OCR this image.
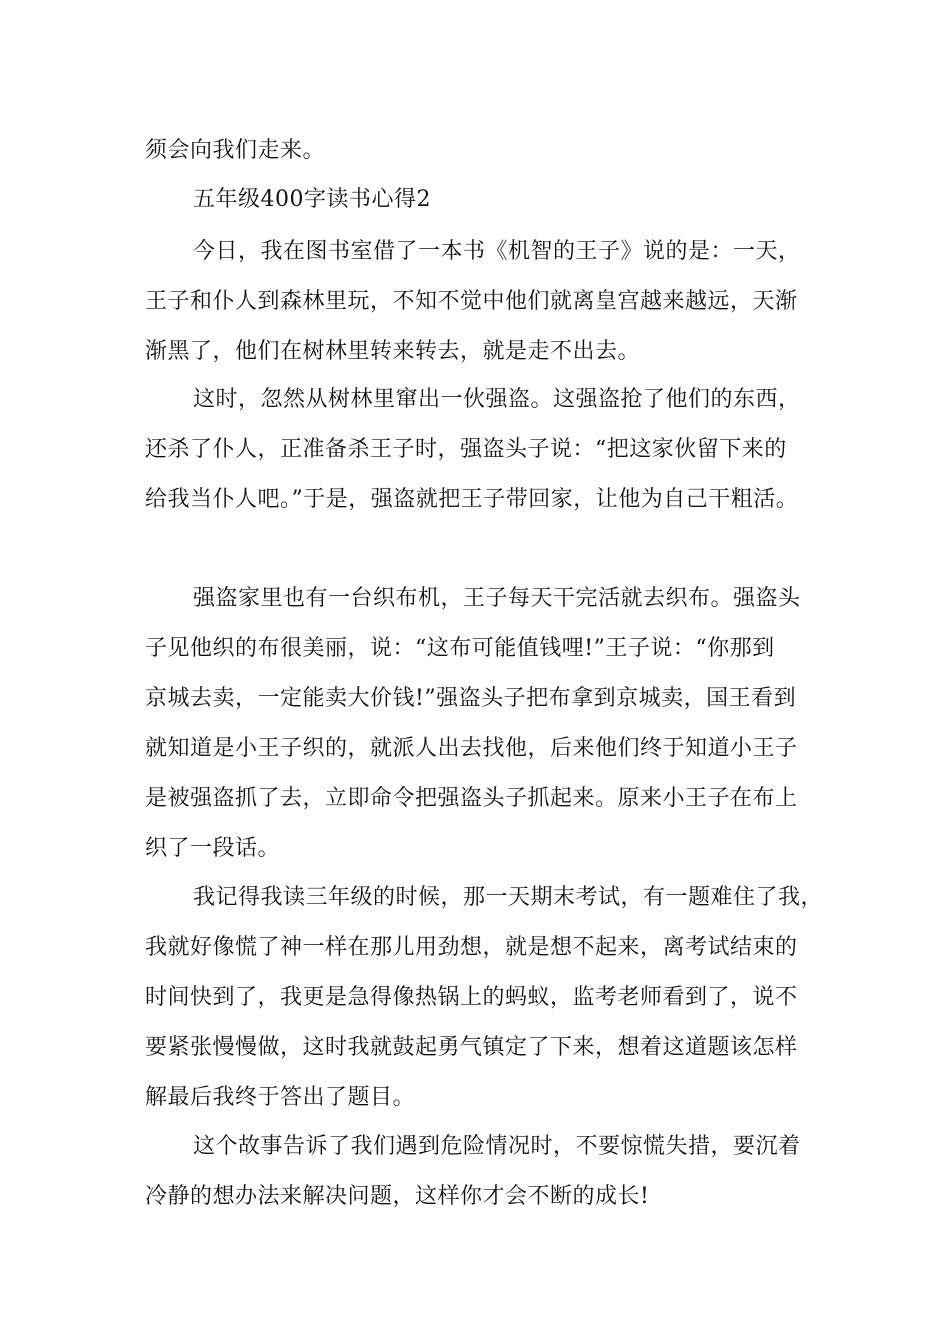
须会向我们走来。
五年级400字读书心得2
今日，我在图书室借了一本书《机智的王子》说的是：一天，
王子和仆人到森林里玩，不知不觉中他们就离皇宫越来越远，天渐
渐黑了，他们在树林里转来转去，就是走不出去。
这时，忽然从树林里窜出一伙强盗。这强盗抢了他们的东西，
还杀了仆人，正准备杀王子时，强盗头子说：“把这家伙留下来的
给我当仆人吧。”于是，强盗就把王子带回家，让他为自己干粗活。
强盗家里也有一台织布机，王子每天干完活就去织布。强盗头
子见他织的布很美丽，说：“这布可能值钱哩!”王子说：“你那到
京城去卖，一定能卖大价钱!”强盗头子把布拿到京城卖，国王看到
就知道是小王子织的，就派人出去找他，后来他们终于知道小王子
是被强盗抓了去，立即命令把强盗头子抓起来。原来小王子在布上
织了一段话。
我记得我读三年级的时候，那一天期末考试，有一题难住了我，
我就好像慌了神一样在那儿用劲想，就是想不起来，离考试结束的
时间快到了，我更是急得像热锅上的蚂蚁，监考老师看到了，说不
要紧张慢慢做，这时我就鼓起勇气镇定了下来，想着这道题该怎样
解最后我终于答出了题目。
这个故事告诉了我们遇到危险情况时，不要惊慌失措，要沉着
冷静的想办法来解决问题，这样你才会不断的成长!
